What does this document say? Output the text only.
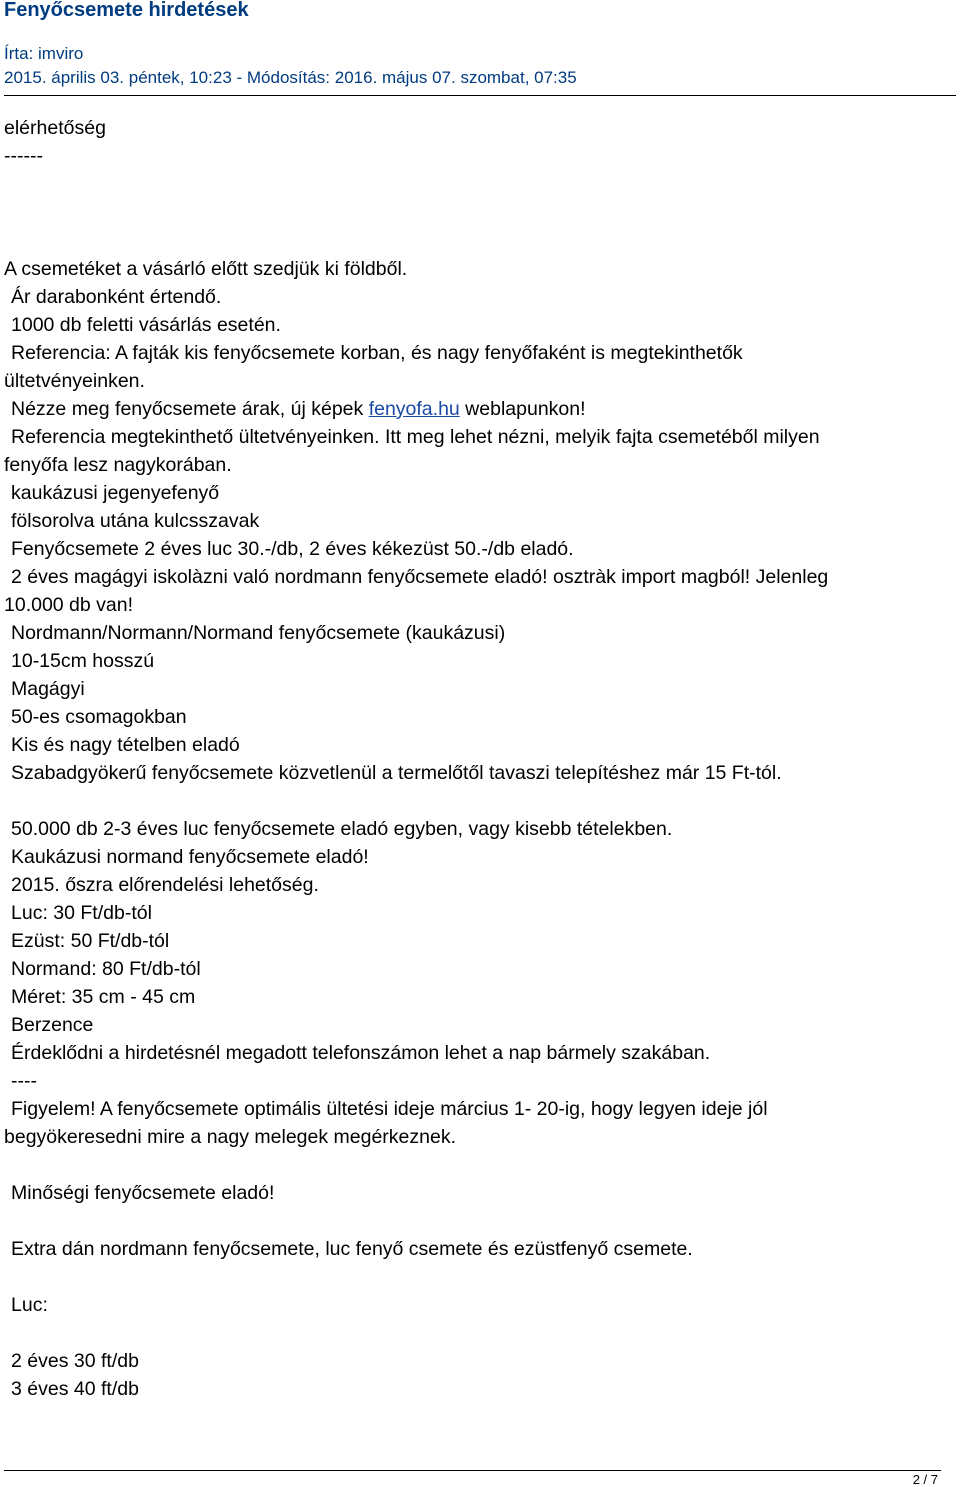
Fenyőcsemete hirdetések
Írta: imviro
2015. április 03. péntek, 10:23 - Módosítás: 2016. május 07. szombat, 07:35
elérhetőség
------
A csemetéket a vásárló előtt szedjük ki földből.
Ár darabonként értendő.
1000 db feletti vásárlás esetén.
Referencia: A fajták kis fenyőcsemete korban, és nagy fenyőfaként is megtekinthetők
ültetvényeinken.
Nézze meg fenyőcsemete árak, új képek fenyofa.hu weblapunkon!
Referencia megtekinthető ültetvényeinken. Itt meg lehet nézni, melyik fajta csemetéből milyen
fenyőfa lesz nagykorában.
kaukázusi jegenyefenyő
fölsorolva utána kulcsszavak
Fenyőcsemete 2 éves luc 30.-/db, 2 éves kékezüst 50.-/db eladó.
2 éves magágyi iskolàzni való nordmann fenyőcsemete eladó! osztràk import magból! Jelenleg
10.000 db van!
Nordmann/Normann/Normand fenyőcsemete (kaukázusi)
10-15cm hosszú
Magágyi
50-es csomagokban
Kis és nagy tételben eladó
Szabadgyökerű fenyőcsemete közvetlenül a termelőtől tavaszi telepítéshez már 15 Ft-tól.
50.000 db 2-3 éves luc fenyőcsemete eladó egyben, vagy kisebb tételekben.
Kaukázusi normand fenyőcsemete eladó!
2015. őszra előrendelési lehetőség.
Luc: 30 Ft/db-tól
Ezüst: 50 Ft/db-tól
Normand: 80 Ft/db-tól
Méret: 35 cm - 45 cm
Berzence
Érdeklődni a hirdetésnél megadott telefonszámon lehet a nap bármely szakában.
----
Figyelem! A fenyőcsemete optimális ültetési ideje március 1- 20-ig, hogy legyen ideje jól
begyökeresedni mire a nagy melegek megérkeznek.
Minőségi fenyőcsemete eladó!
Extra dán nordmann fenyőcsemete, luc fenyő csemete és ezüstfenyő csemete.
Luc:
2 éves 30 ft/db
3 éves 40 ft/db
2 / 7
